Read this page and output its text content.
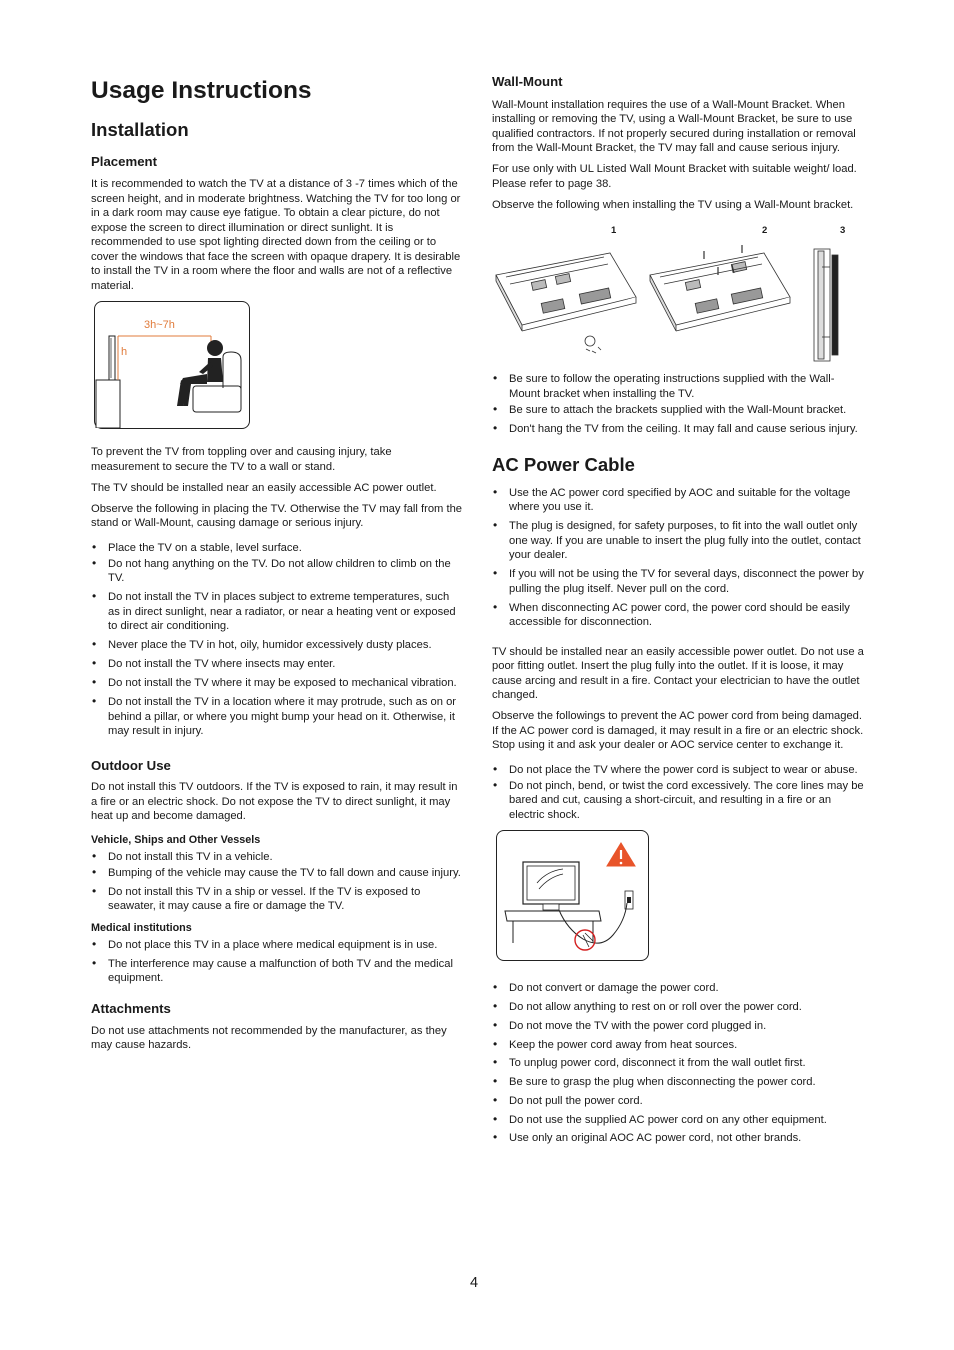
Usage Instructions
Installation
Placement

It is recommended to watch the TV at a distance of 3 -7 times which of the screen height, and in moderate brightness. Watching the TV for too long or in a dark room may cause eye fatigue. To obtain a clear picture, do not expose the screen to direct illumination or direct sunlight. It is recommended to use spot lighting directed down from the ceiling or to cover the windows that face the screen with opaque drapery. It is desirable to install the TV in a room where the floor and walls are not of a reflective material.

3h~7h
h

To prevent the TV from toppling over and causing injury, take measurement to secure the TV to a wall or stand.

The TV should be installed near an easily accessible AC power outlet.

Observe the following in placing the TV. Otherwise the TV may fall from the stand or Wall-Mount, causing damage or serious injury.

• Place the TV on a stable, level surface.
• Do not hang anything on the TV. Do not allow children to climb on the TV.
• Do not install the TV in places subject to extreme temperatures, such as in direct sunlight, near a radiator, or near a heating vent or exposed to direct air conditioning.
• Never place the TV in hot, oily, humidor excessively dusty places.
• Do not install the TV where insects may enter.
• Do not install the TV where it may be exposed to mechanical vibration.
• Do not install the TV in a location where it may protrude, such as on or behind a pillar, or where you might bump your head on it. Otherwise, it may result in injury.
Outdoor Use

Do not install this TV outdoors. If the TV is exposed to rain, it may result in a fire or an electric shock. Do not expose the TV to direct sunlight, it may heat up and become damaged.

Vehicle, Ships and Other Vessels
• Do not install this TV in a vehicle.
• Bumping of the vehicle may cause the TV to fall down and cause injury.
• Do not install this TV in a ship or vessel. If the TV is exposed to seawater, it may cause a fire or damage the TV.
Medical institutions
• Do not place this TV in a place where medical equipment is in use.
• The interference may cause a malfunction of both TV and the medical equipment.
Attachments

Do not use attachments not recommended by the manufacturer, as they may cause hazards.

Wall-Mount

Wall-Mount installation requires the use of a Wall-Mount Bracket. When installing or removing the TV, using a Wall-Mount Bracket, be sure to use qualified contractors. If not properly secured during installation or removal from the Wall-Mount Bracket, the TV may fall and cause serious injury.

For use only with UL Listed Wall Mount Bracket with suitable weight/ load. Please refer to page 38.

Observe the following when installing the TV using a Wall-Mount bracket.

1	2	3
• Be sure to follow the operating instructions supplied with the Wall-Mount bracket when installing the TV.
• Be sure to attach the brackets supplied with the Wall-Mount bracket.
• Don't hang the TV from the ceiling. It may fall and cause serious injury.
AC Power Cable
• Use the AC power cord specified by AOC and suitable for the voltage where you use it.
• The plug is designed, for safety purposes, to fit into the wall outlet only one way. If you are unable to insert the plug fully into the outlet, contact your dealer.
• If you will not be using the TV for several days, disconnect the power by pulling the plug itself. Never pull on the cord.
• When disconnecting AC power cord, the power cord should be easily accessible for disconnection.

TV should be installed near an easily accessible power outlet. Do not use a poor fitting outlet. Insert the plug fully into the outlet. If it is loose, it may cause arcing and result in a fire. Contact your electrician to have the outlet changed.

Observe the followings to prevent the AC power cord from being damaged. If the AC power cord is damaged, it may result in a fire or an electric shock. Stop using it and ask your dealer or AOC service center to exchange it.

• Do not place the TV where the power cord is subject to wear or abuse.
• Do not pinch, bend, or twist the cord excessively. The core lines may be bared and cut, causing a short-circuit, and resulting in a fire or an electric shock.
• Do not convert or damage the power cord.
• Do not allow anything to rest on or roll over the power cord.
• Do not move the TV with the power cord plugged in.
• Keep the power cord away from heat sources.
• To unplug power cord, disconnect it from the wall outlet first.
• Be sure to grasp the plug when disconnecting the power cord.
• Do not pull the power cord.
• Do not use the supplied AC power cord on any other equipment.
• Use only an original AOC AC power cord, not other brands.
4
